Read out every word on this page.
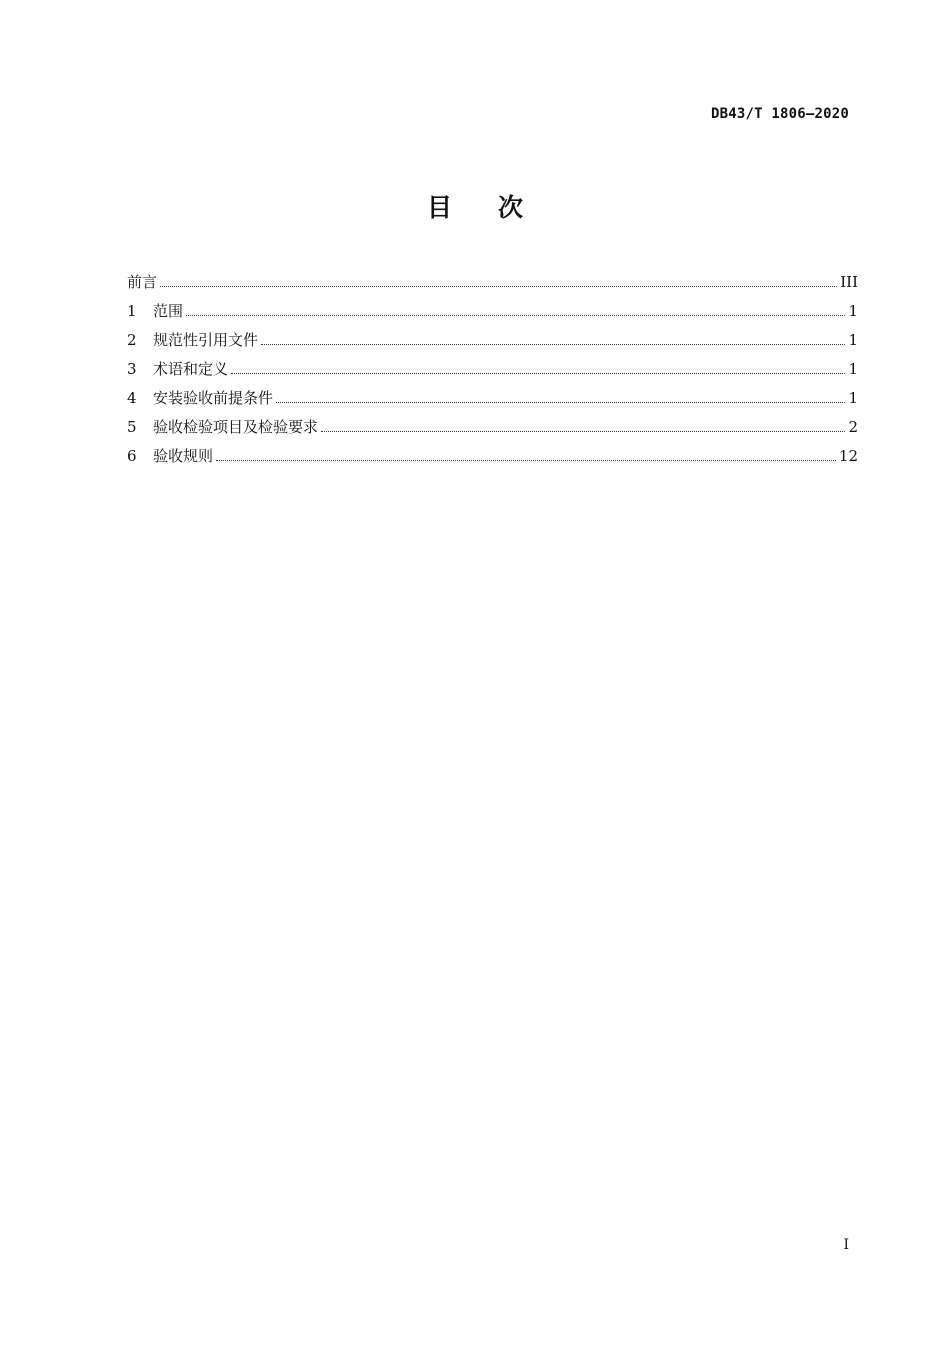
DB43/T 1806—2020
目 次
前言	III
1	范围	1
2	规范性引用文件	1
3	术语和定义	1
4	安装验收前提条件	1
5	验收检验项目及检验要求	2
6	验收规则	12
I
